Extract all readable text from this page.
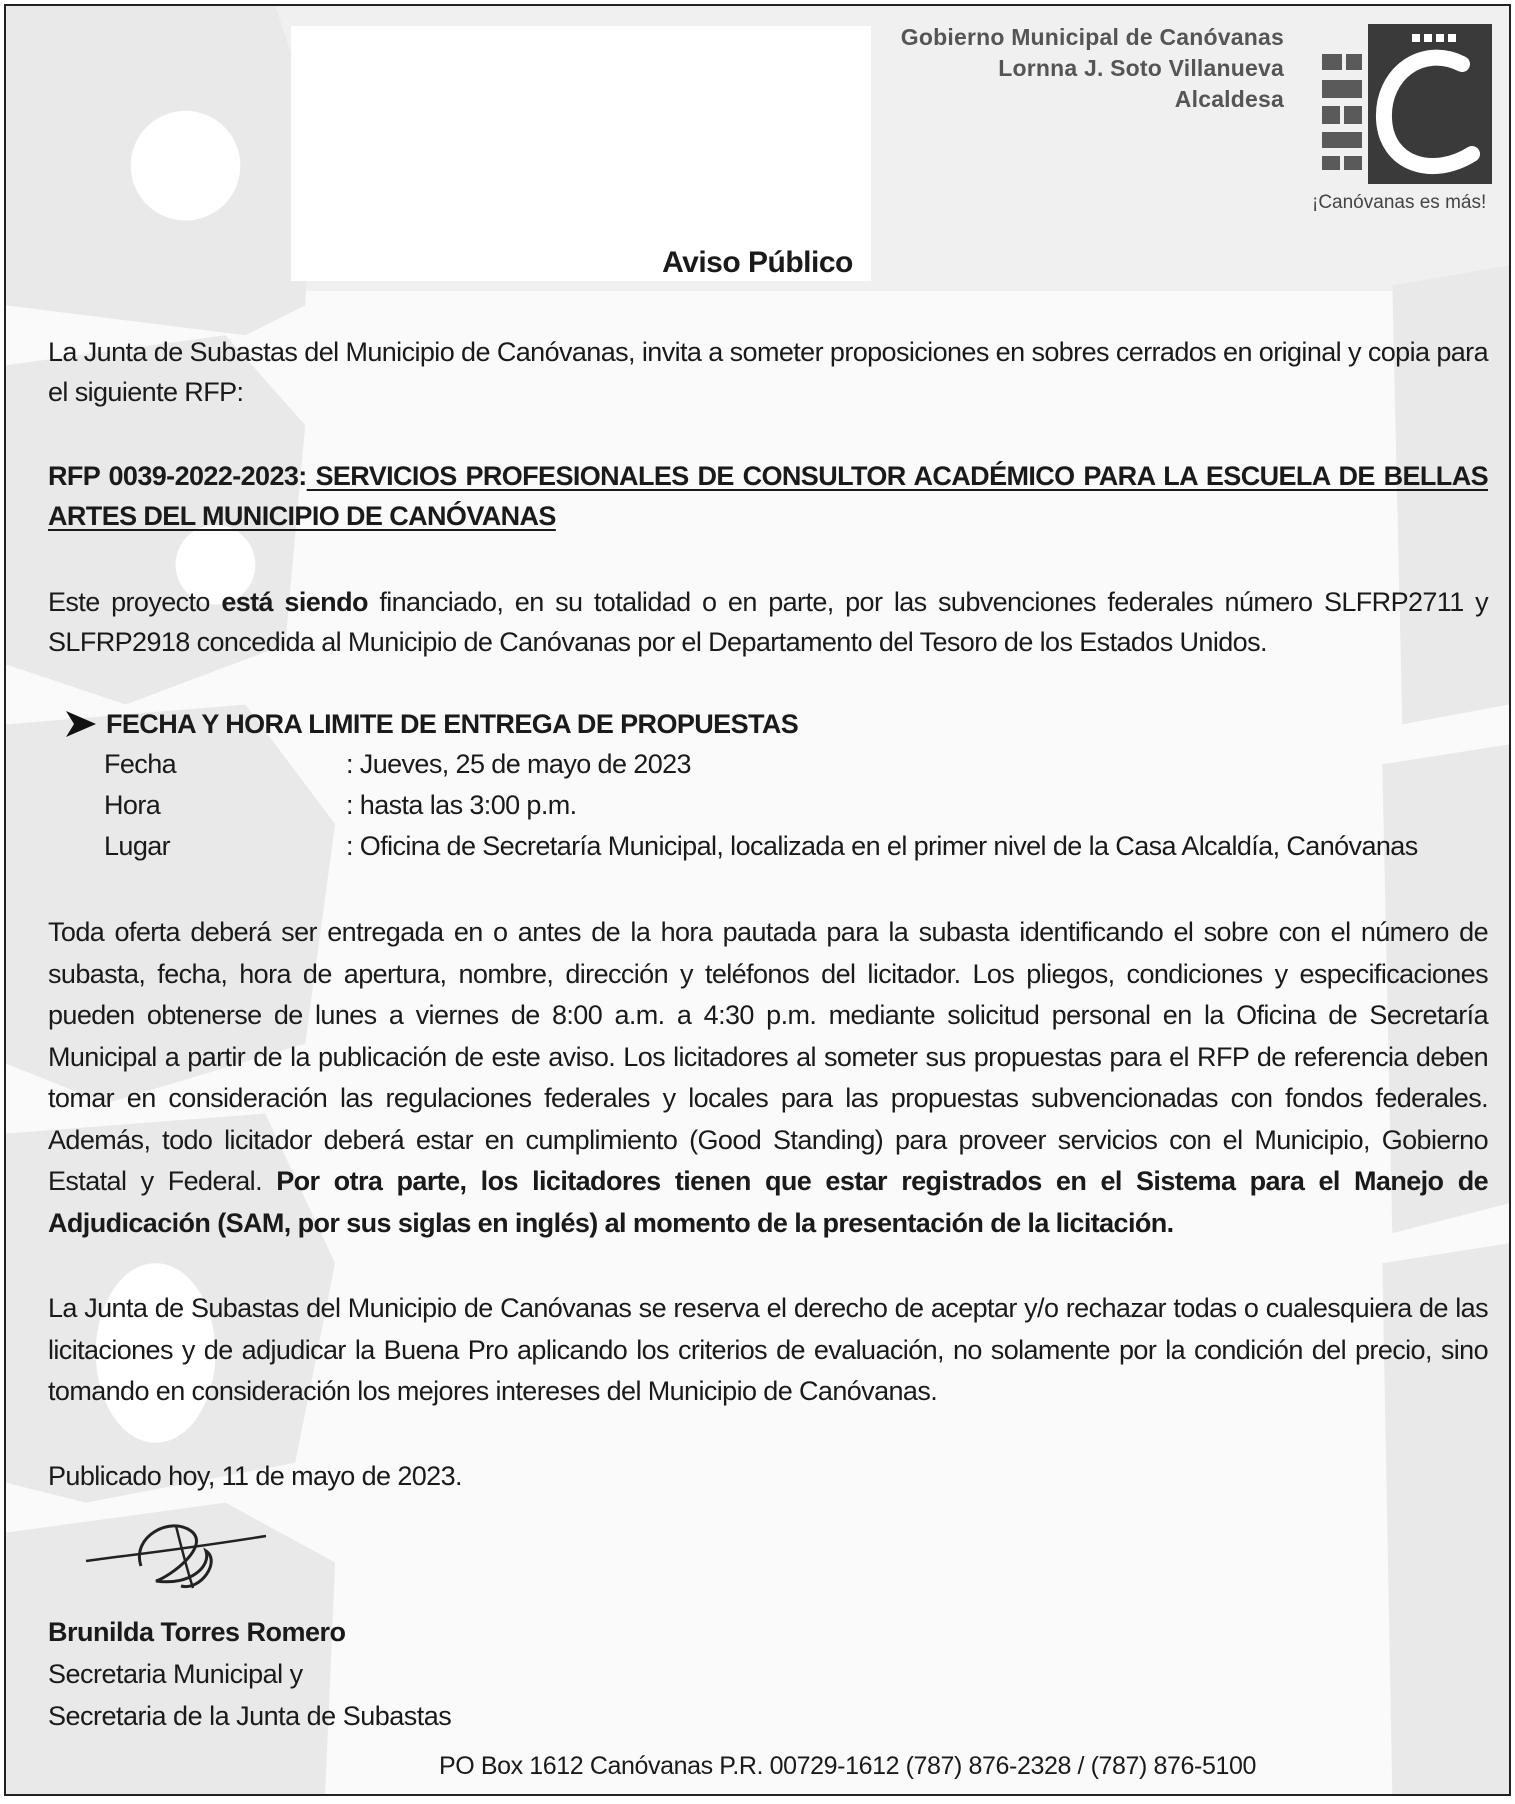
Gobierno Municipal de Canóvanas
Lornna J. Soto Villanueva
Alcaldesa
¡Canóvanas es más!
Aviso Público
La Junta de Subastas del Municipio de Canóvanas, invita a someter proposiciones en sobres cerrados en original y copia para el siguiente RFP:
RFP 0039-2022-2023: SERVICIOS PROFESIONALES DE CONSULTOR ACADÉMICO PARA LA ESCUELA DE BELLAS ARTES DEL MUNICIPIO DE CANÓVANAS
Este proyecto está siendo financiado, en su totalidad o en parte, por las subvenciones federales número SLFRP2711 y SLFRP2918 concedida al Municipio de Canóvanas por el Departamento del Tesoro de los Estados Unidos.
FECHA Y HORA LIMITE DE ENTREGA DE PROPUESTAS
Fecha	: Jueves, 25 de mayo de 2023
Hora	: hasta las 3:00 p.m.
Lugar	: Oficina de Secretaría Municipal, localizada en el primer nivel de la Casa Alcaldía, Canóvanas
Toda oferta deberá ser entregada en o antes de la hora pautada para la subasta identificando el sobre con el número de subasta, fecha, hora de apertura, nombre, dirección y teléfonos del licitador. Los pliegos, condiciones y especificaciones pueden obtenerse de lunes a viernes de 8:00 a.m. a 4:30 p.m. mediante solicitud personal en la Oficina de Secretaría Municipal a partir de la publicación de este aviso. Los licitadores al someter sus propuestas para el RFP de referencia deben tomar en consideración las regulaciones federales y locales para las propuestas subvencionadas con fondos federales. Además, todo licitador deberá estar en cumplimiento (Good Standing) para proveer servicios con el Municipio, Gobierno Estatal y Federal. Por otra parte, los licitadores tienen que estar registrados en el Sistema para el Manejo de Adjudicación (SAM, por sus siglas en inglés) al momento de la presentación de la licitación.
La Junta de Subastas del Municipio de Canóvanas se reserva el derecho de aceptar y/o rechazar todas o cualesquiera de las licitaciones y de adjudicar la Buena Pro aplicando los criterios de evaluación, no solamente por la condición del precio, sino tomando en consideración los mejores intereses del Municipio de Canóvanas.
Publicado hoy, 11 de mayo de 2023.
Brunilda Torres Romero
Secretaria Municipal y
Secretaria de la Junta de Subastas
PO Box 1612 Canóvanas P.R. 00729-1612 (787) 876-2328 / (787) 876-5100
